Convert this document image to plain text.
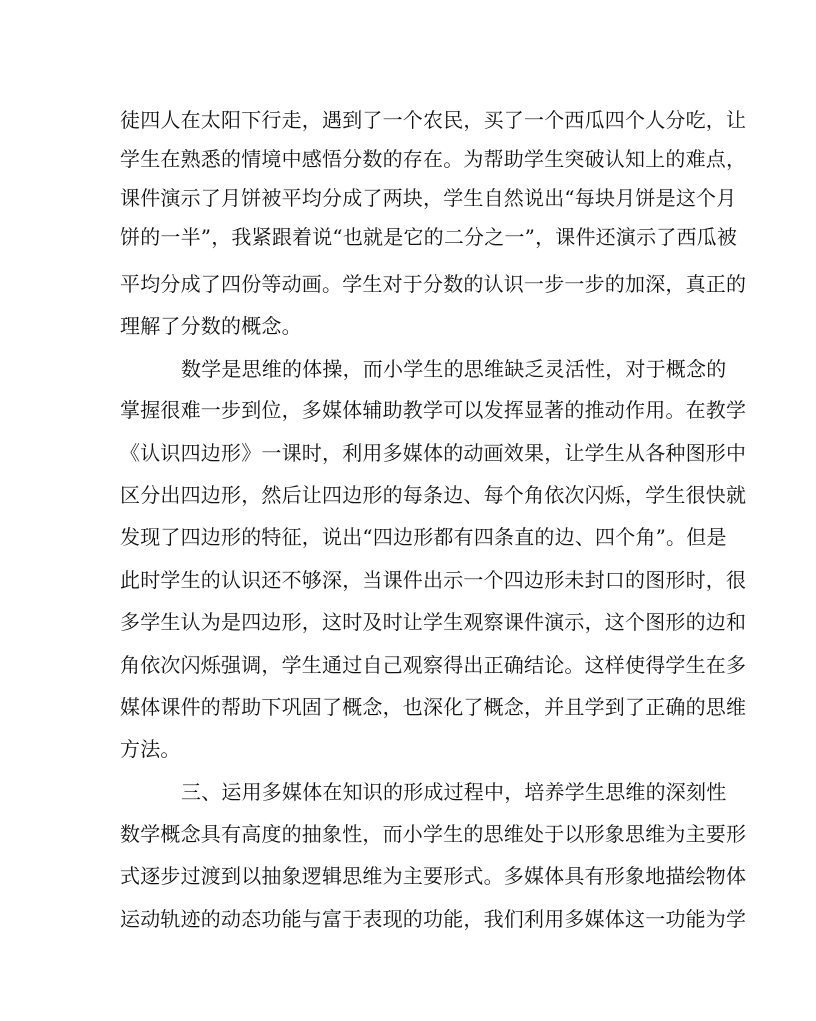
徒四人在太阳下行走，遇到了一个农民，买了一个西瓜四个人分吃，让
学生在熟悉的情境中感悟分数的存在。为帮助学生突破认知上的难点，
课件演示了月饼被平均分成了两块，学生自然说出“每块月饼是这个月
饼的一半”，我紧跟着说“也就是它的二分之一”，课件还演示了西瓜被
平均分成了四份等动画。学生对于分数的认识一步一步的加深，真正的
理解了分数的概念。
数学是思维的体操，而小学生的思维缺乏灵活性，对于概念的
掌握很难一步到位，多媒体辅助教学可以发挥显著的推动作用。在教学
《认识四边形》一课时，利用多媒体的动画效果，让学生从各种图形中
区分出四边形，然后让四边形的每条边、每个角依次闪烁，学生很快就
发现了四边形的特征，说出“四边形都有四条直的边、四个角”。但是
此时学生的认识还不够深，当课件出示一个四边形未封口的图形时，很
多学生认为是四边形，这时及时让学生观察课件演示，这个图形的边和
角依次闪烁强调，学生通过自己观察得出正确结论。这样使得学生在多
媒体课件的帮助下巩固了概念，也深化了概念，并且学到了正确的思维
方法。
三、运用多媒体在知识的形成过程中，培养学生思维的深刻性
数学概念具有高度的抽象性，而小学生的思维处于以形象思维为主要形
式逐步过渡到以抽象逻辑思维为主要形式。多媒体具有形象地描绘物体
运动轨迹的动态功能与富于表现的功能，我们利用多媒体这一功能为学
